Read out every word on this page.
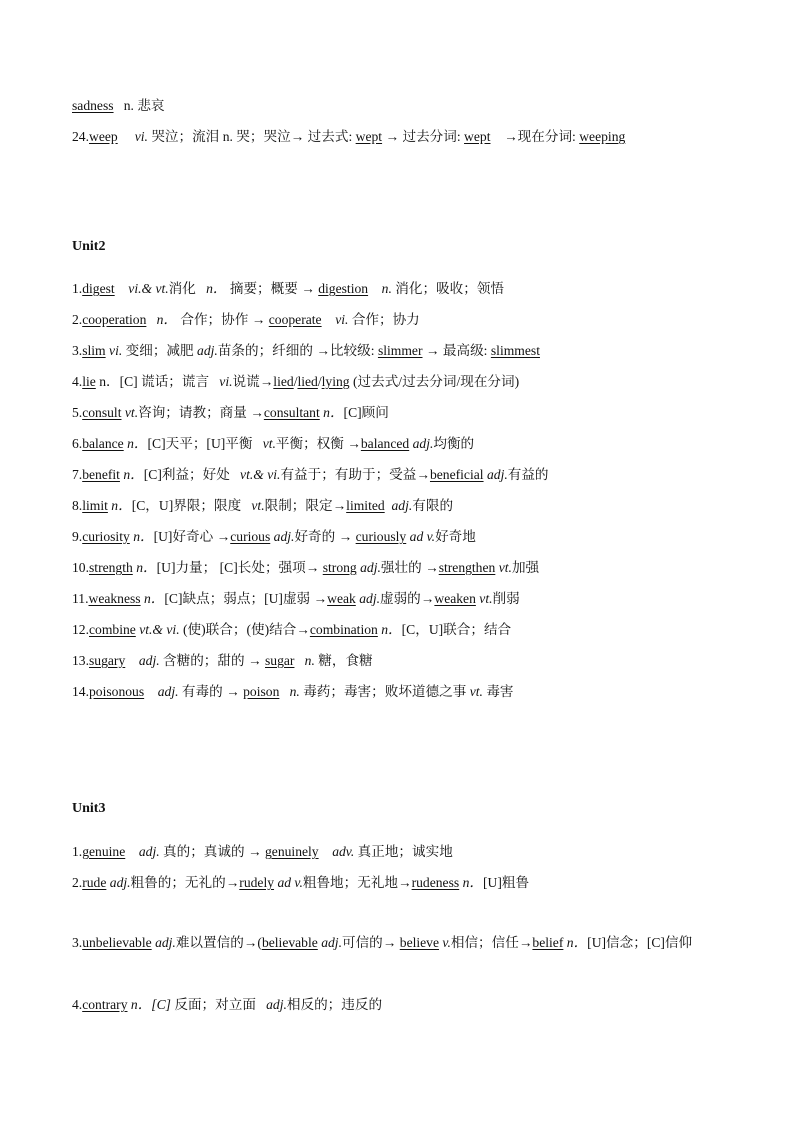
sadness n. 悲哀
24.weep vi. 哭泣；流泪 n. 哭；哭泣→ 过去式: wept → 过去分词: wept →现在分词: weeping
Unit2
1.digest vi.& vt.消化 n． 摘要；概要 → digestion n. 消化；吸收；领悟
2.cooperation n． 合作；协作 → cooperate vi. 合作；协力
3.slim vi. 变细；减肥 adj.苗条的；纤细的 →比较级: slimmer → 最高级: slimmest
4.lie n．[C] 谎话；谎言 vi.说谎→lied/lied/lying (过去式/过去分词/现在分词)
5.consult vt.咨询；请教；商量 →consultant n．[C]顾问
6.balance n．[C]天平；[U]平衡 vt.平衡；权衡 →balanced adj.均衡的
7.benefit n．[C]利益；好处 vt.& vi.有益于；有助于；受益→beneficial adj.有益的
8.limit n．[C，U]界限；限度 vt.限制；限定→limited adj.有限的
9.curiosity n．[U]好奇心 →curious adj.好奇的 → curiously ad v.好奇地
10.strength n．[U]力量； [C]长处；强项→ strong adj.强壮的 →strengthen vt.加强
11.weakness n．[C]缺点；弱点；[U]虚弱 →weak adj.虚弱的→weaken vt.削弱
12.combine vt.& vi. (使)联合；(使)结合→combination n．[C，U]联合；结合
13.sugary adj. 含糖的；甜的 → sugar n. 糖，食糖
14.poisonous adj. 有毒的 → poison n. 毒药；毒害；败坏道德之事 vt. 毒害
Unit3
1.genuine adj. 真的；真诚的 → genuinely adv. 真正地；诚实地
2.rude adj.粗鲁的；无礼的→rudely ad v.粗鲁地；无礼地→rudeness n．[U]粗鲁
3.unbelievable adj.难以置信的→(believable adj.可信的→ believe v.相信；信任→belief n．[U]信念；[C]信仰
4.contrary n．[C] 反面；对立面 adj.相反的；违反的
